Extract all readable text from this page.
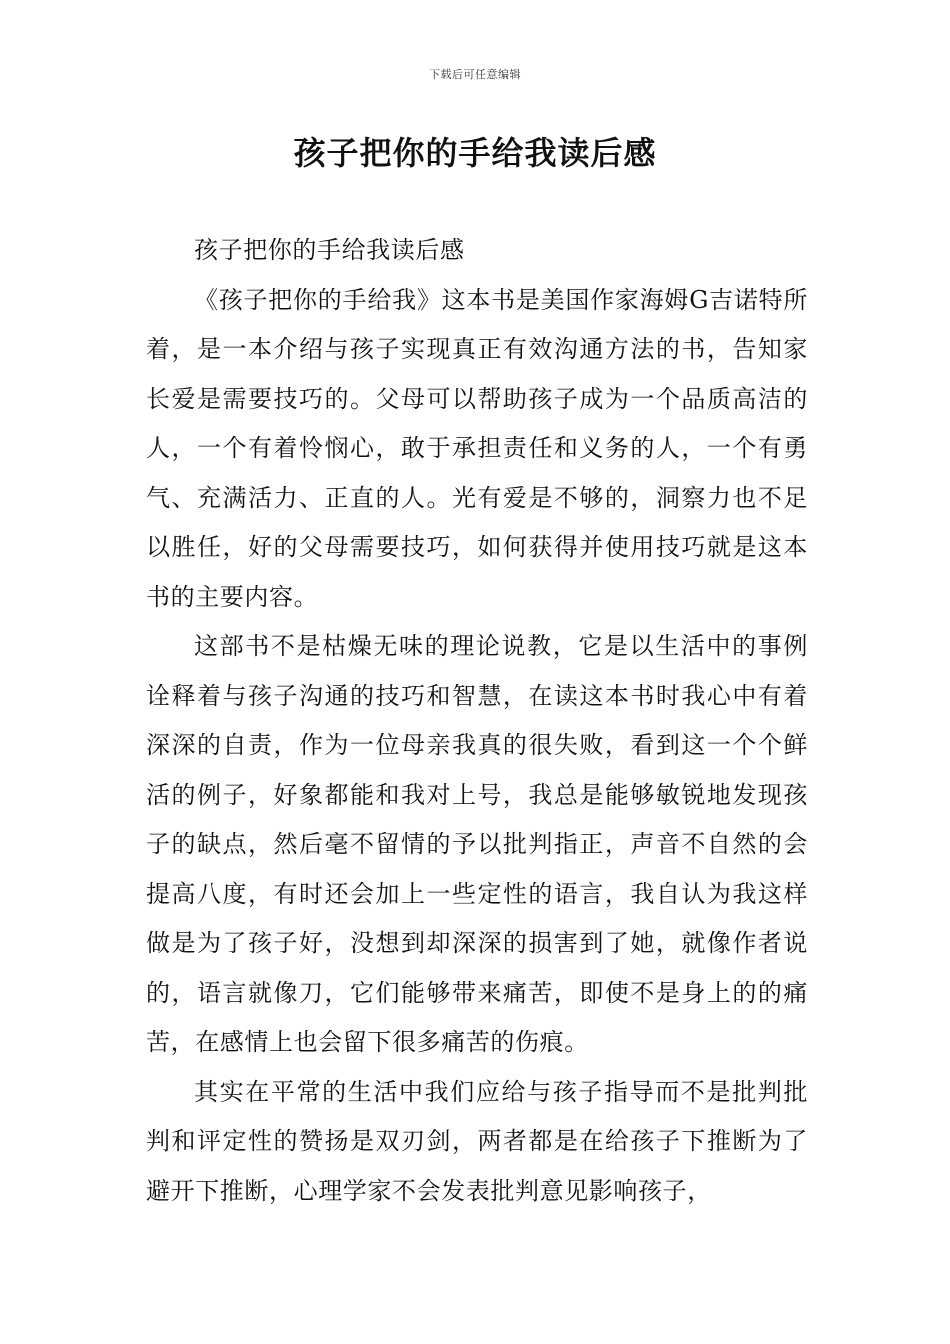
下载后可任意编辑
孩子把你的手给我读后感

孩子把你的手给我读后感

《孩子把你的手给我》这本书是美国作家海姆G吉诺特所着，是一本介绍与孩子实现真正有效沟通方法的书，告知家长爱是需要技巧的。父母可以帮助孩子成为一个品质高洁的人，一个有着怜悯心，敢于承担责任和义务的人，一个有勇气、充满活力、正直的人。光有爱是不够的，洞察力也不足以胜任，好的父母需要技巧，如何获得并使用技巧就是这本书的主要内容。

这部书不是枯燥无味的理论说教，它是以生活中的事例诠释着与孩子沟通的技巧和智慧，在读这本书时我心中有着深深的自责，作为一位母亲我真的很失败，看到这一个个鲜活的例子，好象都能和我对上号，我总是能够敏锐地发现孩子的缺点，然后毫不留情的予以批判指正，声音不自然的会提高八度，有时还会加上一些定性的语言，我自认为我这样做是为了孩子好，没想到却深深的损害到了她，就像作者说的，语言就像刀，它们能够带来痛苦，即使不是身上的的痛苦，在感情上也会留下很多痛苦的伤痕。

其实在平常的生活中我们应给与孩子指导而不是批判批判和评定性的赞扬是双刃剑，两者都是在给孩子下推断为了避开下推断，心理学家不会发表批判意见影响孩子，
